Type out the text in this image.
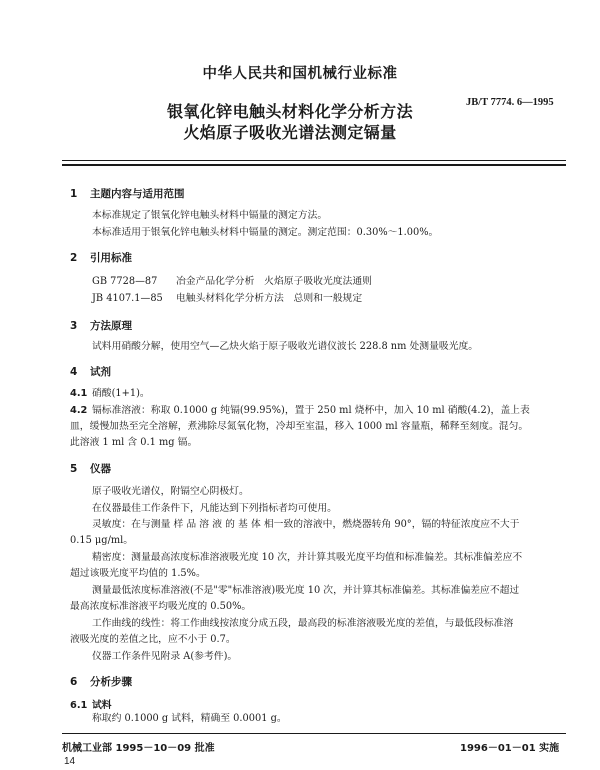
中华人民共和国机械行业标准
银氧化锌电触头材料化学分析方法
火焰原子吸收光谱法测定镉量
JB/T 7774. 6—1995
1 主题内容与适用范围
本标准规定了银氧化锌电触头材料中镉量的测定方法。
本标准适用于银氧化锌电触头材料中镉量的测定。测定范围：0.30%～1.00%。
2 引用标准
GB 7728—87 冶金产品化学分析　火焰原子吸收光度法通则
JB 4107.1—85 电触头材料化学分析方法　总则和一般规定
3 方法原理
试料用硝酸分解，使用空气—乙炔火焰于原子吸收光谱仪波长 228.8 nm 处测量吸光度。
4 试剂
4.1 硝酸(1+1)。
4.2 镉标准溶液：称取 0.1000 g 纯镉(99.95%)，置于 250 ml 烧杯中，加入 10 ml 硝酸(4.2)，盖上表
皿，缓慢加热至完全溶解，煮沸除尽氮氧化物，冷却至室温，移入 1000 ml 容量瓶，稀释至刻度。混匀。
此溶液 1 ml 含 0.1 mg 镉。
5 仪器
原子吸收光谱仪，附镉空心阴极灯。
在仪器最佳工作条件下，凡能达到下列指标者均可使用。
灵敏度：在与测量 样 品 溶 液 的 基 体 相一致的溶液中，燃烧器转角 90°，镉的特征浓度应不大于
0.15 μg/ml。
精密度：测量最高浓度标准溶液吸光度 10 次，并计算其吸光度平均值和标准偏差。其标准偏差应不
超过该吸光度平均值的 1.5%。
测量最低浓度标准溶液(不是"零"标准溶液)吸光度 10 次，并计算其标准偏差。其标准偏差应不超过
最高浓度标准溶液平均吸光度的 0.50%。
工作曲线的线性：将工作曲线按浓度分成五段，最高段的标准溶液吸光度的差值，与最低段标准溶
液吸光度的差值之比，应不小于 0.7。
仪器工作条件见附录 A(参考件)。
6 分析步骤
6.1 试料
称取约 0.1000 g 试料，精确至 0.0001 g。
机械工业部 1995－10－09 批准	1996－01－01 实施
14
